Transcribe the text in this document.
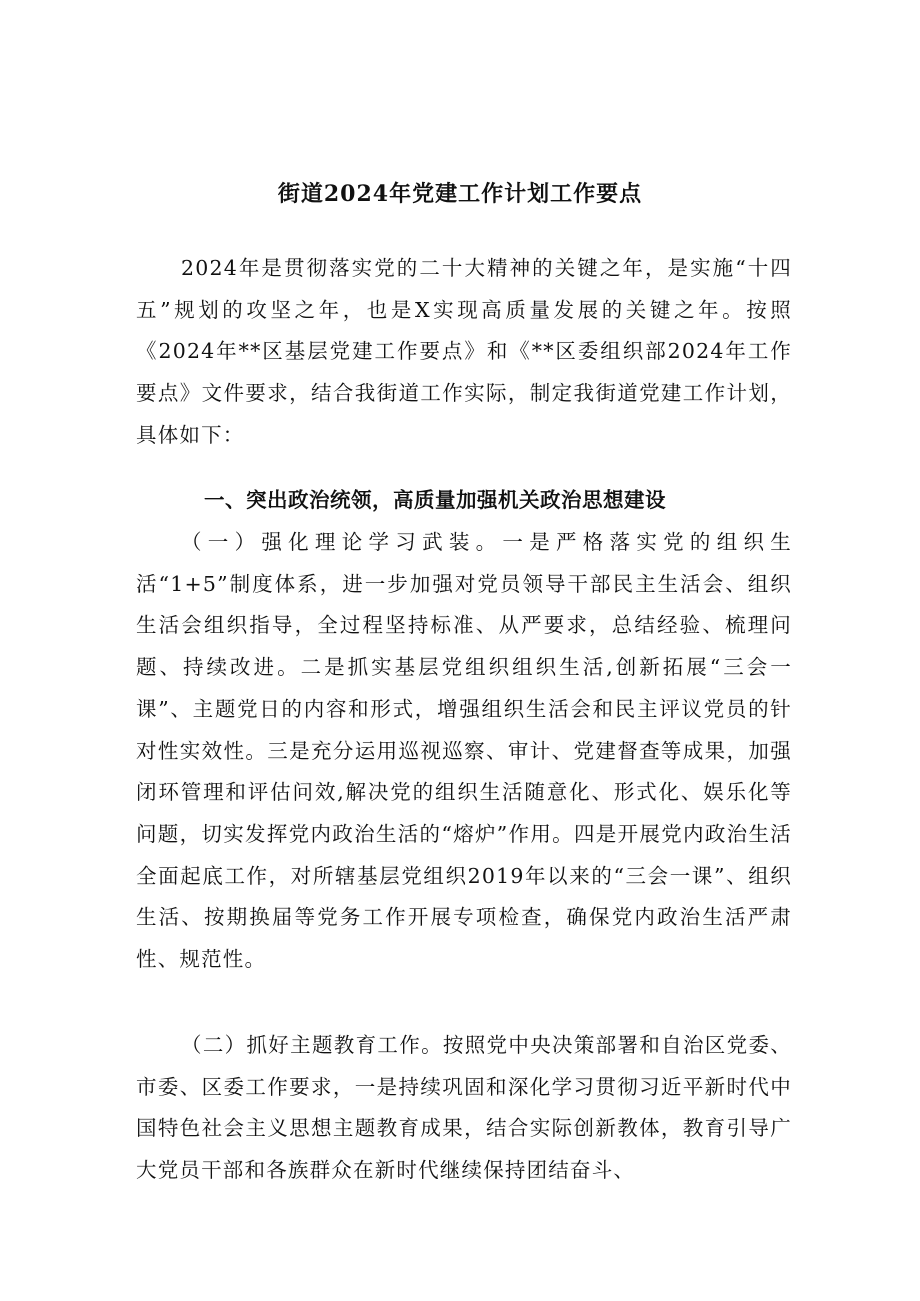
街道2024年党建工作计划工作要点

2024年是贯彻落实党的二十大精神的关键之年，是实施“十四五”规划的攻坚之年，也是X实现高质量发展的关键之年。按照《2024年**区基层党建工作要点》和《**区委组织部2024年工作要点》文件要求，结合我街道工作实际，制定我街道党建工作计划，具体如下：

一、突出政治统领，高质量加强机关政治思想建设

（一）强化理论学习武装。一是严格落实党的组织生活“1+5”制度体系，进一步加强对党员领导干部民主生活会、组织生活会组织指导，全过程坚持标准、从严要求，总结经验、梳理问题、持续改进。二是抓实基层党组织组织生活,创新拓展“三会一课”、主题党日的内容和形式，增强组织生活会和民主评议党员的针对性实效性。三是充分运用巡视巡察、审计、党建督查等成果，加强闭环管理和评估问效,解决党的组织生活随意化、形式化、娱乐化等问题，切实发挥党内政治生活的“熔炉”作用。四是开展党内政治生活全面起底工作，对所辖基层党组织2019年以来的“三会一课”、组织生活、按期换届等党务工作开展专项检查，确保党内政治生活严肃性、规范性。

（二）抓好主题教育工作。按照党中央决策部署和自治区党委、市委、区委工作要求，一是持续巩固和深化学习贯彻习近平新时代中国特色社会主义思想主题教育成果，结合实际创新教体，教育引导广大党员干部和各族群众在新时代继续保持团结奋斗、
